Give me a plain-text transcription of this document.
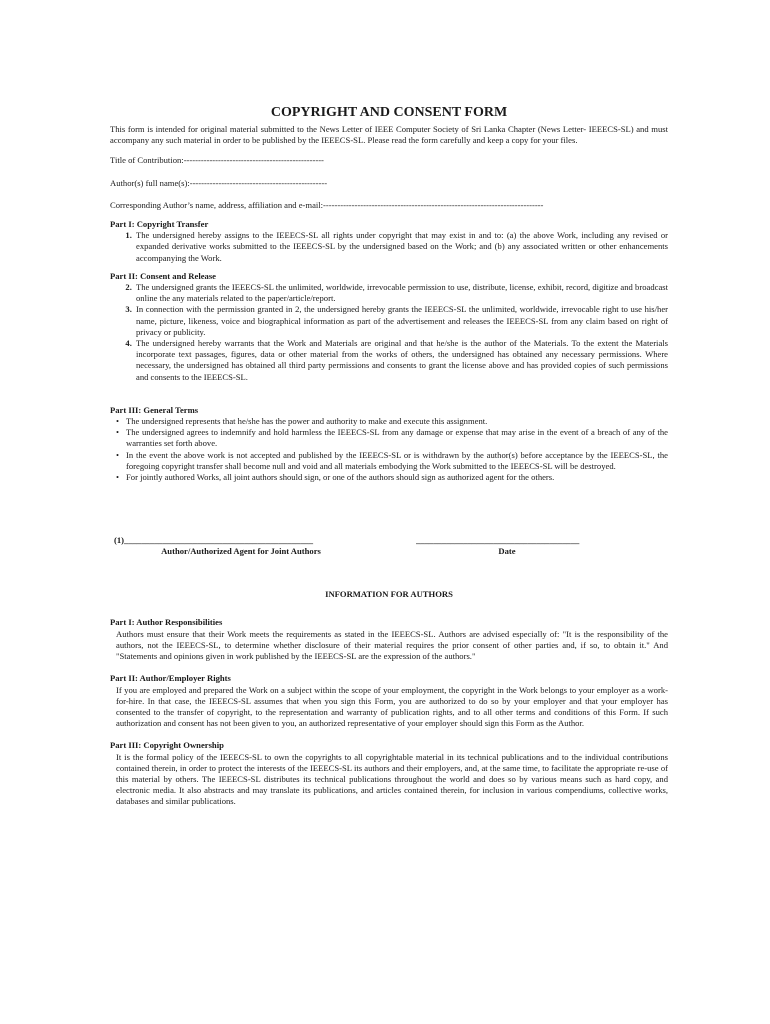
COPYRIGHT AND CONSENT FORM

This form is intended for original material submitted to the News Letter of IEEE Computer Society of Sri Lanka Chapter (News Letter- IEEECS-SL) and must accompany any such material in order to be published by the IEEECS-SL. Please read the form carefully and keep a copy for your files.

Title of Contribution:-------------------------------------------------

Author(s) full name(s):------------------------------------------------

Corresponding Author’s name, address, affiliation and e-mail:-----------------------------------------------------------------------------

Part I: Copyright Transfer

1. The undersigned hereby assigns to the IEEECS-SL all rights under copyright that may exist in and to: (a) the above Work, including any revised or expanded derivative works submitted to the IEEECS-SL by the undersigned based on the Work; and (b) any associated written or other enhancements accompanying the Work.

Part II: Consent and Release

2. The undersigned grants the IEEECS-SL the unlimited, worldwide, irrevocable permission to use, distribute, license, exhibit, record, digitize and broadcast online the any materials related to the paper/article/report.
3. In connection with the permission granted in 2, the undersigned hereby grants the IEEECS-SL the unlimited, worldwide, irrevocable right to use his/her name, picture, likeness, voice and biographical information as part of the advertisement and releases the IEEECS-SL from any claim based on right of privacy or publicity.
4. The undersigned hereby warrants that the Work and Materials are original and that he/she is the author of the Materials. To the extent the Materials incorporate text passages, figures, data or other material from the works of others, the undersigned has obtained any necessary permissions. Where necessary, the undersigned has obtained all third party permissions and consents to grant the license above and has provided copies of such permissions and consents to the IEEECS-SL.

Part III: General Terms

• The undersigned represents that he/she has the power and authority to make and execute this assignment.
• The undersigned agrees to indemnify and hold harmless the IEEECS-SL from any damage or expense that may arise in the event of a breach of any of the warranties set forth above.
• In the event the above work is not accepted and published by the IEEECS-SL or is withdrawn by the author(s) before acceptance by the IEEECS-SL, the foregoing copyright transfer shall become null and void and all materials embodying the Work submitted to the IEEECS-SL will be destroyed.
• For jointly authored Works, all joint authors should sign, or one of the authors should sign as authorized agent for the others.
(1)____________________________________________
Author/Authorized Agent for Joint Authors
______________________________________
Date

INFORMATION FOR AUTHORS

Part I: Author Responsibilities

Authors must ensure that their Work meets the requirements as stated in the IEEECS-SL. Authors are advised especially of: "It is the responsibility of the authors, not the IEEECS-SL, to determine whether disclosure of their material requires the prior consent of other parties and, if so, to obtain it." And "Statements and opinions given in work published by the IEEECS-SL are the expression of the authors."

Part II: Author/Employer Rights

If you are employed and prepared the Work on a subject within the scope of your employment, the copyright in the Work belongs to your employer as a work-for-hire. In that case, the IEEECS-SL assumes that when you sign this Form, you are authorized to do so by your employer and that your employer has consented to the transfer of copyright, to the representation and warranty of publication rights, and to all other terms and conditions of this Form. If such authorization and consent has not been given to you, an authorized representative of your employer should sign this Form as the Author.

Part III: Copyright Ownership

It is the formal policy of the IEEECS-SL to own the copyrights to all copyrightable material in its technical publications and to the individual contributions contained therein, in order to protect the interests of the IEEECS-SL its authors and their employers, and, at the same time, to facilitate the appropriate re-use of this material by others. The IEEECS-SL distributes its technical publications throughout the world and does so by various means such as hard copy, and electronic media. It also abstracts and may translate its publications, and articles contained therein, for inclusion in various compendiums, collective works, databases and similar publications.
